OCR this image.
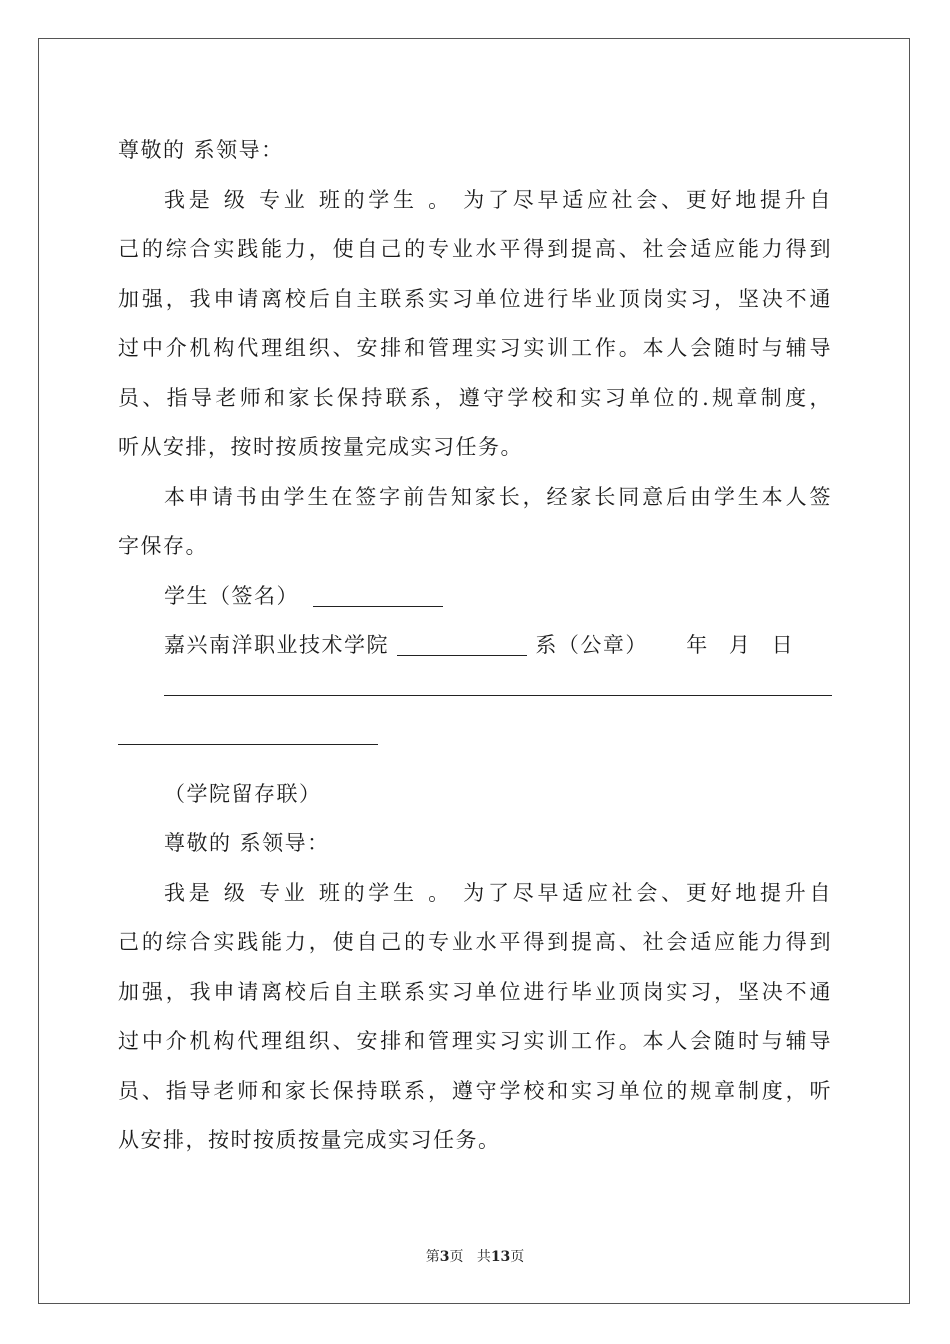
尊敬的 系领导：
我是 级 专业 班的学生 。 为了尽早适应社会、更好地提升自
己的综合实践能力，使自己的专业水平得到提高、社会适应能力得到
加强，我申请离校后自主联系实习单位进行毕业顶岗实习，坚决不通
过中介机构代理组织、安排和管理实习实训工作。本人会随时与辅导
员、指导老师和家长保持联系，遵守学校和实习单位的.规章制度，
听从安排，按时按质按量完成实习任务。
本申请书由学生在签字前告知家长，经家长同意后由学生本人签
字保存。
学生（签名）
嘉兴南洋职业技术学院	系（公章） 年 月 日
（学院留存联）
尊敬的 系领导：
我是 级 专业 班的学生 。 为了尽早适应社会、更好地提升自
己的综合实践能力，使自己的专业水平得到提高、社会适应能力得到
加强，我申请离校后自主联系实习单位进行毕业顶岗实习，坚决不通
过中介机构代理组织、安排和管理实习实训工作。本人会随时与辅导
员、指导老师和家长保持联系，遵守学校和实习单位的规章制度，听
从安排，按时按质按量完成实习任务。
第3页 共13页
